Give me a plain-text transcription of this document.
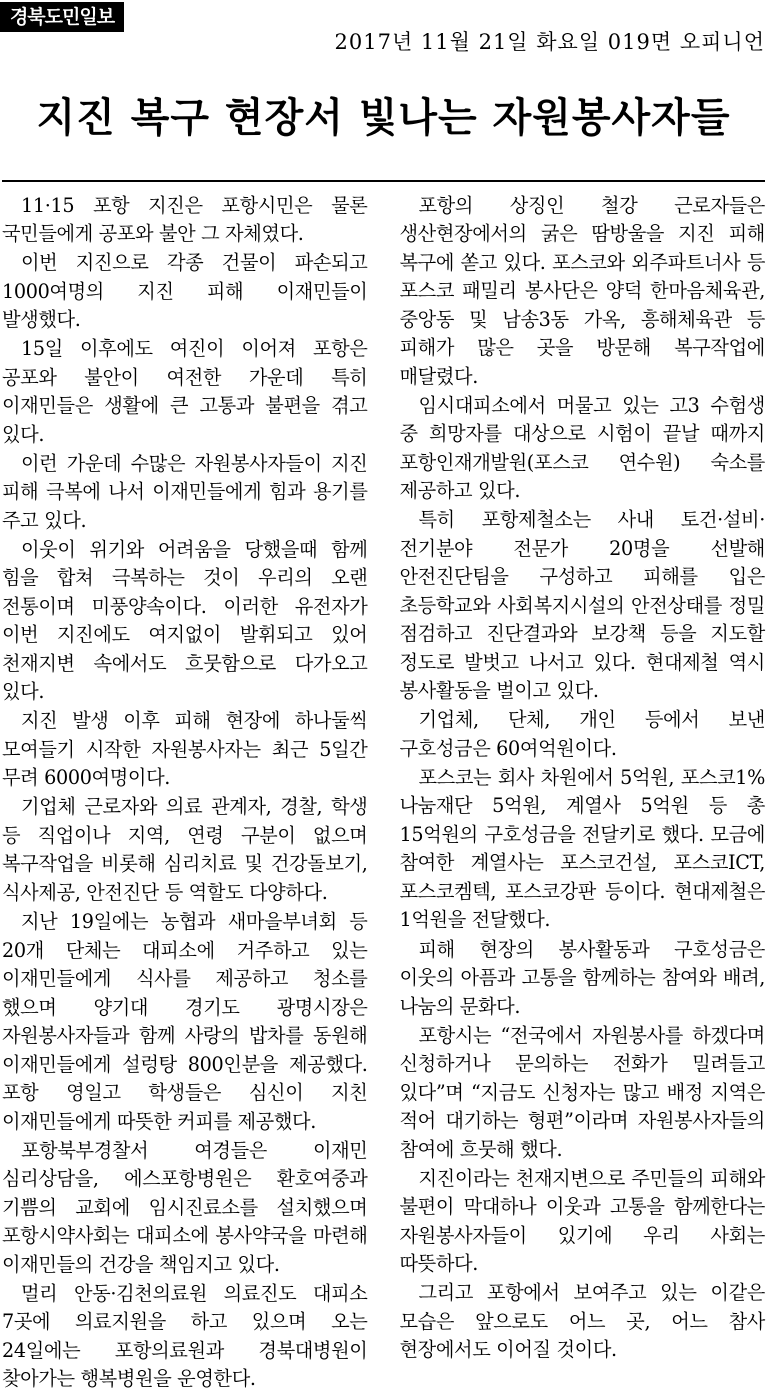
경북도민일보
2017년 11월 21일 화요일 019면 오피니언
지진 복구 현장서 빛나는 자원봉사자들

11·15 포항 지진은 포항시민은 물론 국민들에게 공포와 불안 그 자체였다.

이번 지진으로 각종 건물이 파손되고 1000여명의 지진 피해 이재민들이 발생했다.

15일 이후에도 여진이 이어져 포항은 공포와 불안이 여전한 가운데 특히 이재민들은 생활에 큰 고통과 불편을 겪고 있다.

이런 가운데 수많은 자원봉사자들이 지진 피해 극복에 나서 이재민들에게 힘과 용기를 주고 있다.

이웃이 위기와 어려움을 당했을때 함께 힘을 합쳐 극복하는 것이 우리의 오랜 전통이며 미풍양속이다. 이러한 유전자가 이번 지진에도 여지없이 발휘되고 있어 천재지변 속에서도 흐뭇함으로 다가오고 있다.

지진 발생 이후 피해 현장에 하나둘씩 모여들기 시작한 자원봉사자는 최근 5일간 무려 6000여명이다.

기업체 근로자와 의료 관계자, 경찰, 학생 등 직업이나 지역, 연령 구분이 없으며 복구작업을 비롯해 심리치료 및 건강돌보기, 식사제공, 안전진단 등 역할도 다양하다.

지난 19일에는 농협과 새마을부녀회 등 20개 단체는 대피소에 거주하고 있는 이재민들에게 식사를 제공하고 청소를 했으며 양기대 경기도 광명시장은 자원봉사자들과 함께 사랑의 밥차를 동원해 이재민들에게 설렁탕 800인분을 제공했다. 포항 영일고 학생들은 심신이 지친 이재민들에게 따뜻한 커피를 제공했다.

포항북부경찰서 여경들은 이재민 심리상담을, 에스포항병원은 환호여중과 기쁨의 교회에 임시진료소를 설치했으며 포항시약사회는 대피소에 봉사약국을 마련해 이재민들의 건강을 책임지고 있다.

멀리 안동·김천의료원 의료진도 대피소 7곳에 의료지원을 하고 있으며 오는 24일에는 포항의료원과 경북대병원이 찾아가는 행복병원을 운영한다.

포항의 상징인 철강 근로자들은 생산현장에서의 굵은 땀방울을 지진 피해 복구에 쏟고 있다. 포스코와 외주파트너사 등 포스코 패밀리 봉사단은 양덕 한마음체육관, 중앙동 및 남송3동 가옥, 흥해체육관 등 피해가 많은 곳을 방문해 복구작업에 매달렸다.

임시대피소에서 머물고 있는 고3 수험생 중 희망자를 대상으로 시험이 끝날 때까지 포항인재개발원(포스코 연수원) 숙소를 제공하고 있다.

특히 포항제철소는 사내 토건·설비·전기분야 전문가 20명을 선발해 안전진단팀을 구성하고 피해를 입은 초등학교와 사회복지시설의 안전상태를 정밀 점검하고 진단결과와 보강책 등을 지도할 정도로 발벗고 나서고 있다. 현대제철 역시 봉사활동을 벌이고 있다.

기업체, 단체, 개인 등에서 보낸 구호성금은 60여억원이다.

포스코는 회사 차원에서 5억원, 포스코1% 나눔재단 5억원, 계열사 5억원 등 총 15억원의 구호성금을 전달키로 했다. 모금에 참여한 계열사는 포스코건설, 포스코ICT, 포스코켐텍, 포스코강판 등이다. 현대제철은 1억원을 전달했다.

피해 현장의 봉사활동과 구호성금은 이웃의 아픔과 고통을 함께하는 참여와 배려, 나눔의 문화다.

포항시는 “전국에서 자원봉사를 하겠다며 신청하거나 문의하는 전화가 밀려들고 있다”며 “지금도 신청자는 많고 배정 지역은 적어 대기하는 형편”이라며 자원봉사자들의 참여에 흐뭇해 했다.

지진이라는 천재지변으로 주민들의 피해와 불편이 막대하나 이웃과 고통을 함께한다는 자원봉사자들이 있기에 우리 사회는 따뜻하다.

그리고 포항에서 보여주고 있는 이같은 모습은 앞으로도 어느 곳, 어느 참사 현장에서도 이어질 것이다.
